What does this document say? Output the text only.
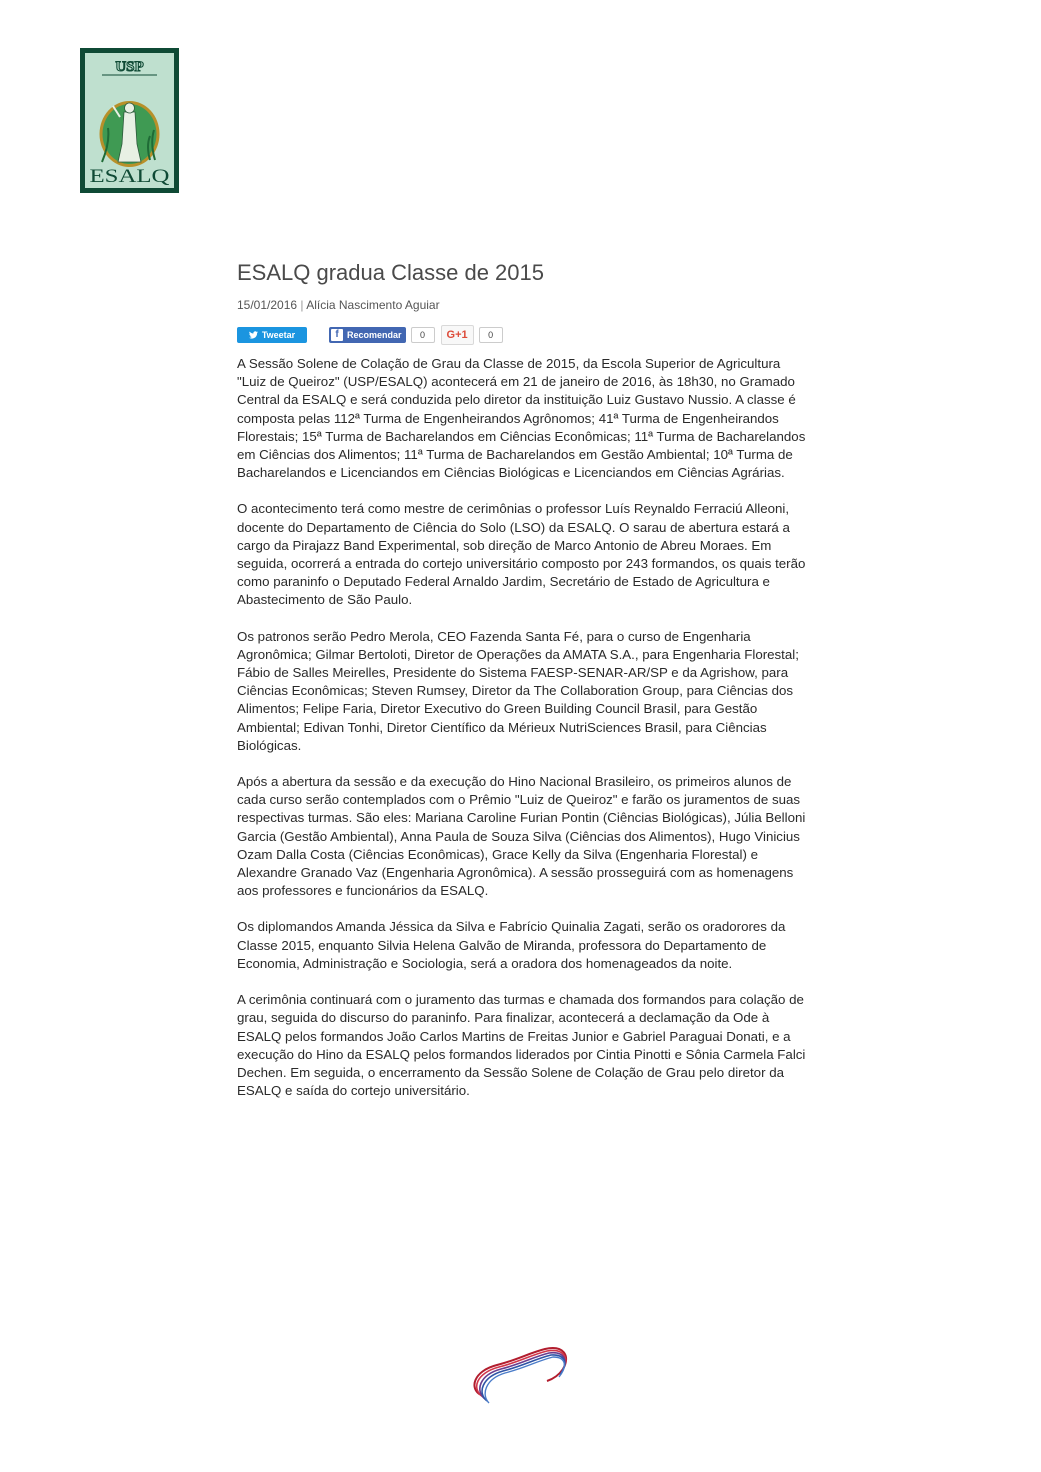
USP
ESALQ
ESALQ gradua Classe de 2015
15/01/2016 | Alícia Nascimento Aguiar
Tweetar	f Recomendar	0	G+1	0

A Sessão Solene de Colação de Grau da Classe de 2015, da Escola Superior de Agricultura "Luiz de Queiroz" (USP/ESALQ) acontecerá em 21 de janeiro de 2016, às 18h30, no Gramado Central da ESALQ e será conduzida pelo diretor da instituição Luiz Gustavo Nussio. A classe é composta pelas 112ª Turma de Engenheirandos Agrônomos; 41ª Turma de Engenheirandos Florestais; 15ª Turma de Bacharelandos em Ciências Econômicas; 11ª Turma de Bacharelandos em Ciências dos Alimentos; 11ª Turma de Bacharelandos em Gestão Ambiental; 10ª Turma de Bacharelandos e Licenciandos em Ciências Biológicas e Licenciandos em Ciências Agrárias.

O acontecimento terá como mestre de cerimônias o professor Luís Reynaldo Ferraciú Alleoni, docente do Departamento de Ciência do Solo (LSO) da ESALQ. O sarau de abertura estará a cargo da Pirajazz Band Experimental, sob direção de Marco Antonio de Abreu Moraes. Em seguida, ocorrerá a entrada do cortejo universitário composto por 243 formandos, os quais terão como paraninfo o Deputado Federal Arnaldo Jardim, Secretário de Estado de Agricultura e Abastecimento de São Paulo.

Os patronos serão Pedro Merola, CEO Fazenda Santa Fé, para o curso de Engenharia Agronômica; Gilmar Bertoloti, Diretor de Operações da AMATA S.A., para Engenharia Florestal; Fábio de Salles Meirelles, Presidente do Sistema FAESP-SENAR-AR/SP e da Agrishow, para Ciências Econômicas; Steven Rumsey, Diretor da The Collaboration Group, para Ciências dos Alimentos; Felipe Faria, Diretor Executivo do Green Building Council Brasil, para Gestão Ambiental; Edivan Tonhi, Diretor Científico da Mérieux NutriSciences Brasil, para Ciências Biológicas.

Após a abertura da sessão e da execução do Hino Nacional Brasileiro, os primeiros alunos de cada curso serão contemplados com o Prêmio "Luiz de Queiroz" e farão os juramentos de suas respectivas turmas. São eles: Mariana Caroline Furian Pontin (Ciências Biológicas), Júlia Belloni Garcia (Gestão Ambiental), Anna Paula de Souza Silva (Ciências dos Alimentos), Hugo Vinicius Ozam Dalla Costa (Ciências Econômicas), Grace Kelly da Silva (Engenharia Florestal) e Alexandre Granado Vaz (Engenharia Agronômica). A sessão prosseguirá com as homenagens aos professores e funcionários da ESALQ.

Os diplomandos Amanda Jéssica da Silva e Fabrício Quinalia Zagati, serão os oradorores da Classe 2015, enquanto Silvia Helena Galvão de Miranda, professora do Departamento de Economia, Administração e Sociologia, será a oradora dos homenageados da noite.

A cerimônia continuará com o juramento das turmas e chamada dos formandos para colação de grau, seguida do discurso do paraninfo. Para finalizar, acontecerá a declamação da Ode à ESALQ pelos formandos João Carlos Martins de Freitas Junior e Gabriel Paraguai Donati, e a execução do Hino da ESALQ pelos formandos liderados por Cintia Pinotti e Sônia Carmela Falci Dechen. Em seguida, o encerramento da Sessão Solene de Colação de Grau pelo diretor da ESALQ e saída do cortejo universitário.
